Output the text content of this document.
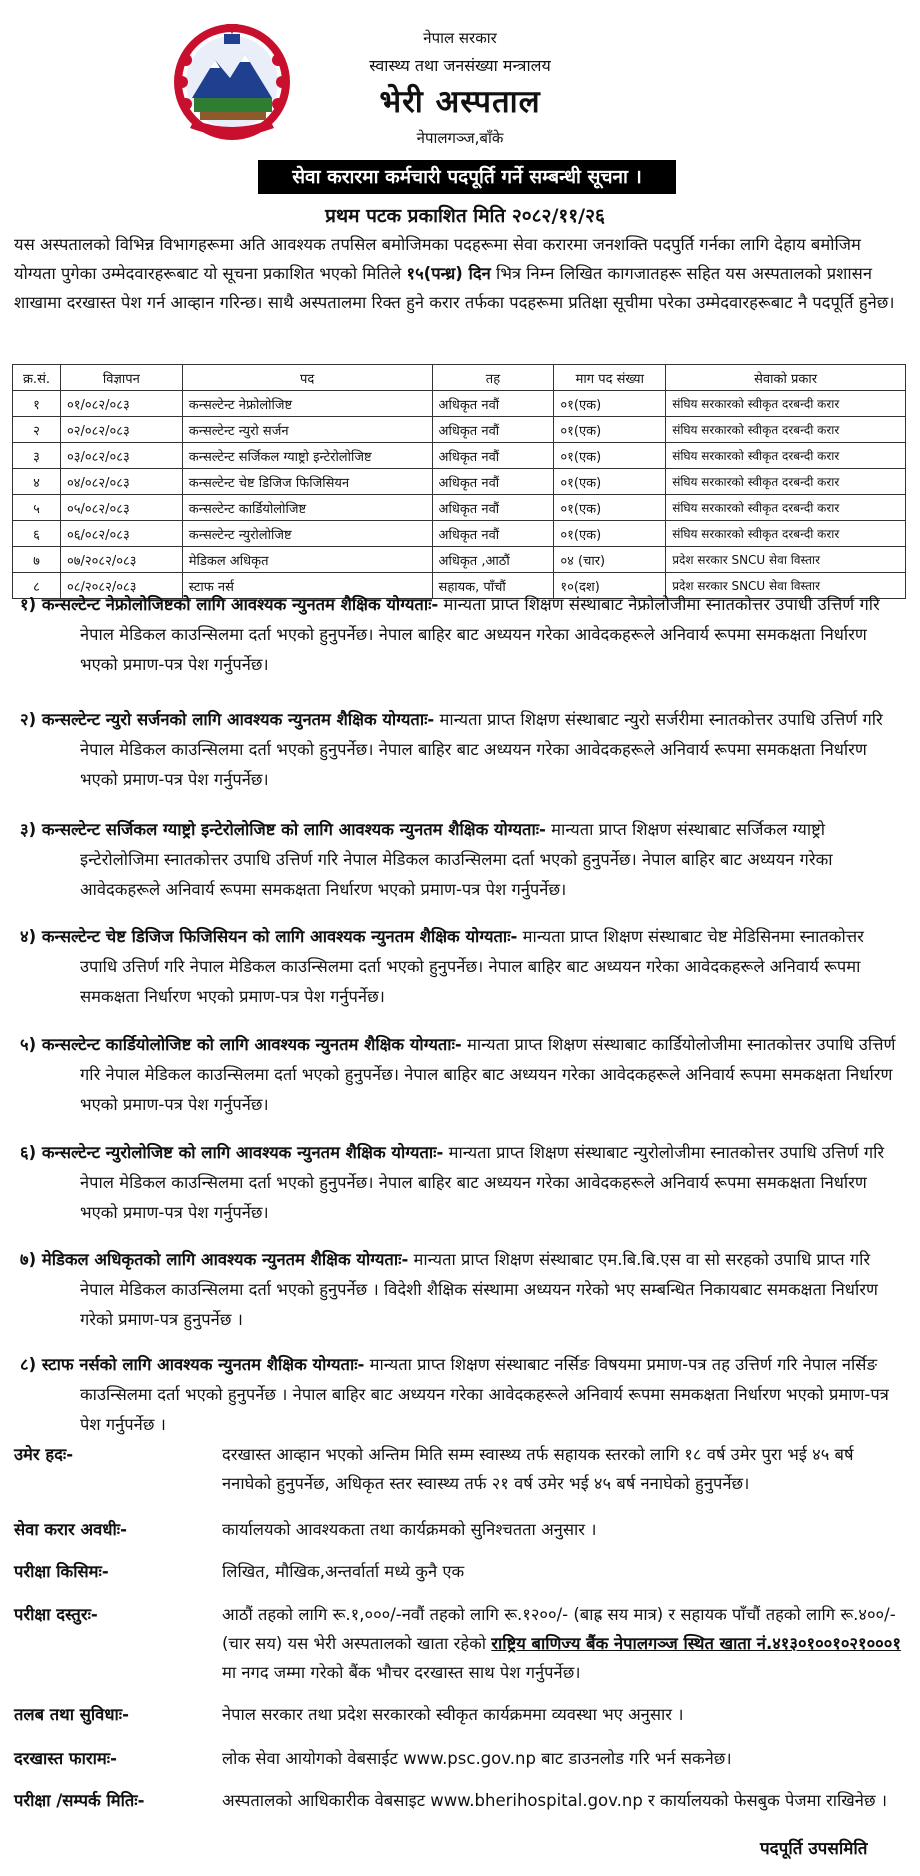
नेपाल सरकार
स्वास्थ्य तथा जनसंख्या मन्त्रालय
भेरी अस्पताल
नेपालगञ्ज,बाँके
सेवा करारमा कर्मचारी पदपूर्ति गर्ने सम्बन्धी सूचना ।
प्रथम पटक प्रकाशित मिति २०८२/११/२६
यस अस्पतालको विभिन्न विभागहरूमा अति आवश्यक तपसिल बमोजिमका पदहरूमा सेवा करारमा जनशक्ति पदपुर्ति गर्नका लागि देहाय बमोजिम योग्यता पुगेका उम्मेदवारहरूबाट यो सूचना प्रकाशित भएको मितिले १५(पन्ध्र) दिन भित्र निम्न लिखित कागजातहरू सहित यस अस्पतालको प्रशासन शाखामा दरखास्त पेश गर्न आव्हान गरिन्छ। साथै अस्पतालमा रिक्त हुने करार तर्फका पदहरूमा प्रतिक्षा सूचीमा परेका उम्मेदवारहरूबाट नै पदपूर्ति हुनेछ।
क्र.सं.	विज्ञापन	पद	तह	माग पद संख्या	सेवाको प्रकार
१	०१/०८२/०८३	कन्सल्टेन्ट नेफ्रोलोजिष्ट	अधिकृत नवौं	०१(एक)	संघिय सरकारको स्वीकृत दरबन्दी करार
२	०२/०८२/०८३	कन्सल्टेन्ट न्युरो सर्जन	अधिकृत नवौं	०१(एक)	संघिय सरकारको स्वीकृत दरबन्दी करार
३	०३/०८२/०८३	कन्सल्टेन्ट सर्जिकल ग्याष्ट्रो इन्टेरोलोजिष्ट	अधिकृत नवौं	०१(एक)	संघिय सरकारको स्वीकृत दरबन्दी करार
४	०४/०८२/०८३	कन्सल्टेन्ट चेष्ट डिजिज फिजिसियन	अधिकृत नवौं	०१(एक)	संघिय सरकारको स्वीकृत दरबन्दी करार
५	०५/०८२/०८३	कन्सल्टेन्ट कार्डियोलोजिष्ट	अधिकृत नवौं	०१(एक)	संघिय सरकारको स्वीकृत दरबन्दी करार
६	०६/०८२/०८३	कन्सल्टेन्ट न्युरोलोजिष्ट	अधिकृत नवौं	०१(एक)	संघिय सरकारको स्वीकृत दरबन्दी करार
७	०७/२०८२/०८३	मेडिकल अधिकृत	अधिकृत ,आठौं	०४ (चार)	प्रदेश सरकार SNCU सेवा विस्तार
८	०८/२०८२/०८३	स्टाफ नर्स	सहायक, पाँचौं	१०(दश)	प्रदेश सरकार SNCU सेवा विस्तार
१) कन्सल्टेन्ट नेफ्रोलोजिष्टको लागि आवश्यक न्युनतम शैक्षिक योग्यताः- मान्यता प्राप्त शिक्षण संस्थाबाट नेफ्रोलोजीमा स्नातकोत्तर उपाधी उत्तिर्ण गरि नेपाल मेडिकल काउन्सिलमा दर्ता भएको हुनुपर्नेछ। नेपाल बाहिर बाट अध्ययन गरेका आवेदकहरूले अनिवार्य रूपमा समकक्षता निर्धारण भएको प्रमाण-पत्र पेश गर्नुपर्नेछ।
२) कन्सल्टेन्ट न्युरो सर्जनको लागि आवश्यक न्युनतम शैक्षिक योग्यताः- मान्यता प्राप्त शिक्षण संस्थाबाट न्युरो सर्जरीमा स्नातकोत्तर उपाधि उत्तिर्ण गरि नेपाल मेडिकल काउन्सिलमा दर्ता भएको हुनुपर्नेछ। नेपाल बाहिर बाट अध्ययन गरेका आवेदकहरूले अनिवार्य रूपमा समकक्षता निर्धारण भएको प्रमाण-पत्र पेश गर्नुपर्नेछ।
३) कन्सल्टेन्ट सर्जिकल ग्याष्ट्रो इन्टेरोलोजिष्ट को लागि आवश्यक न्युनतम शैक्षिक योग्यताः- मान्यता प्राप्त शिक्षण संस्थाबाट सर्जिकल ग्याष्ट्रो इन्टेरोलोजिमा स्नातकोत्तर उपाधि उत्तिर्ण गरि नेपाल मेडिकल काउन्सिलमा दर्ता भएको हुनुपर्नेछ। नेपाल बाहिर बाट अध्ययन गरेका आवेदकहरूले अनिवार्य रूपमा समकक्षता निर्धारण भएको प्रमाण-पत्र पेश गर्नुपर्नेछ।
४) कन्सल्टेन्ट चेष्ट डिजिज फिजिसियन को लागि आवश्यक न्युनतम शैक्षिक योग्यताः- मान्यता प्राप्त शिक्षण संस्थाबाट चेष्ट मेडिसिनमा स्नातकोत्तर उपाधि उत्तिर्ण गरि नेपाल मेडिकल काउन्सिलमा दर्ता भएको हुनुपर्नेछ। नेपाल बाहिर बाट अध्ययन गरेका आवेदकहरूले अनिवार्य रूपमा समकक्षता निर्धारण भएको प्रमाण-पत्र पेश गर्नुपर्नेछ।
५) कन्सल्टेन्ट कार्डियोलोजिष्ट को लागि आवश्यक न्युनतम शैक्षिक योग्यताः- मान्यता प्राप्त शिक्षण संस्थाबाट कार्डियोलोजीमा स्नातकोत्तर उपाधि उत्तिर्ण गरि नेपाल मेडिकल काउन्सिलमा दर्ता भएको हुनुपर्नेछ। नेपाल बाहिर बाट अध्ययन गरेका आवेदकहरूले अनिवार्य रूपमा समकक्षता निर्धारण भएको प्रमाण-पत्र पेश गर्नुपर्नेछ।
६) कन्सल्टेन्ट न्युरोलोजिष्ट को लागि आवश्यक न्युनतम शैक्षिक योग्यताः- मान्यता प्राप्त शिक्षण संस्थाबाट न्युरोलोजीमा स्नातकोत्तर उपाधि उत्तिर्ण गरि नेपाल मेडिकल काउन्सिलमा दर्ता भएको हुनुपर्नेछ। नेपाल बाहिर बाट अध्ययन गरेका आवेदकहरूले अनिवार्य रूपमा समकक्षता निर्धारण भएको प्रमाण-पत्र पेश गर्नुपर्नेछ।
७) मेडिकल अधिकृतको लागि आवश्यक न्युनतम शैक्षिक योग्यताः- मान्यता प्राप्त शिक्षण संस्थाबाट एम.बि.बि.एस वा सो सरहको उपाधि प्राप्त गरि नेपाल मेडिकल काउन्सिलमा दर्ता भएको हुनुपर्नेछ । विदेशी शैक्षिक संस्थामा अध्ययन गरेको भए सम्बन्धित निकायबाट समकक्षता निर्धारण गरेको प्रमाण-पत्र हुनुपर्नेछ ।
८) स्टाफ नर्सको लागि आवश्यक न्युनतम शैक्षिक योग्यताः- मान्यता प्राप्त शिक्षण संस्थाबाट नर्सिङ विषयमा प्रमाण-पत्र तह उत्तिर्ण गरि नेपाल नर्सिङ काउन्सिलमा दर्ता भएको हुनुपर्नेछ । नेपाल बाहिर बाट अध्ययन गरेका आवेदकहरूले अनिवार्य रूपमा समकक्षता निर्धारण भएको प्रमाण-पत्र पेश गर्नुपर्नेछ ।
उमेर हदः-	दरखास्त आव्हान भएको अन्तिम मिति सम्म स्वास्थ्य तर्फ सहायक स्तरको लागि १८ वर्ष उमेर पुरा भई ४५ बर्ष ननाघेको हुनुपर्नेछ, अधिकृत स्तर स्वास्थ्य तर्फ २१ वर्ष उमेर भई ४५ बर्ष ननाघेको हुनुपर्नेछ।
सेवा करार अवधीः-	कार्यालयको आवश्यकता तथा कार्यक्रमको सुनिश्चतता अनुसार ।
परीक्षा किसिमः-	लिखित, मौखिक,अन्तर्वार्ता मध्ये कुनै एक
परीक्षा दस्तुरः-	आठौं तहको लागि रू.१,०००/-नवौं तहको लागि रू.१२००/- (बाह्र सय मात्र) र सहायक पाँचौं तहको लागि रू.४००/-(चार सय) यस भेरी अस्पतालको खाता रहेको राष्ट्रिय बाणिज्य बैंक नेपालगञ्ज स्थित खाता नं.४१३०१००१०२१०००१ मा नगद जम्मा गरेको बैंक भौचर दरखास्त साथ पेश गर्नुपर्नेछ।
तलब तथा सुविधाः-	नेपाल सरकार तथा प्रदेश सरकारको स्वीकृत कार्यक्रममा व्यवस्था भए अनुसार ।
दरखास्त फारामः-	लोक सेवा आयोगको वेबसाईट www.psc.gov.np बाट डाउनलोड गरि भर्न सकनेछ।
परीक्षा /सम्पर्क मितिः-	अस्पतालको आधिकारीक वेबसाइट www.bherihospital.gov.np र कार्यालयको फेसबुक पेजमा राखिनेछ ।
पदपूर्ति उपसमिति
